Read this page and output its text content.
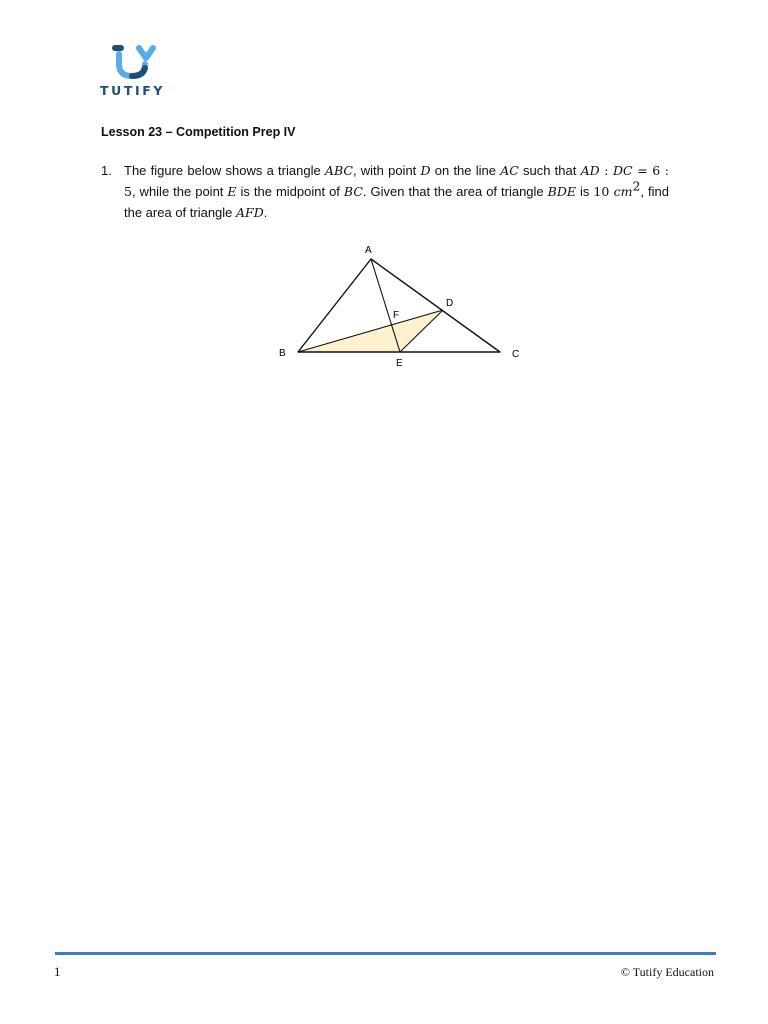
TUTIFY
Lesson 23 – Competition Prep IV
1. The figure below shows a triangle ABC, with point D on the line AC such that AD : DC = 6 : 5, while the point E is the midpoint of BC. Given that the area of triangle BDE is 10 $cm^2$, find the area of triangle AFD.
A
B	C
D
E
F
1	© Tutify Education
